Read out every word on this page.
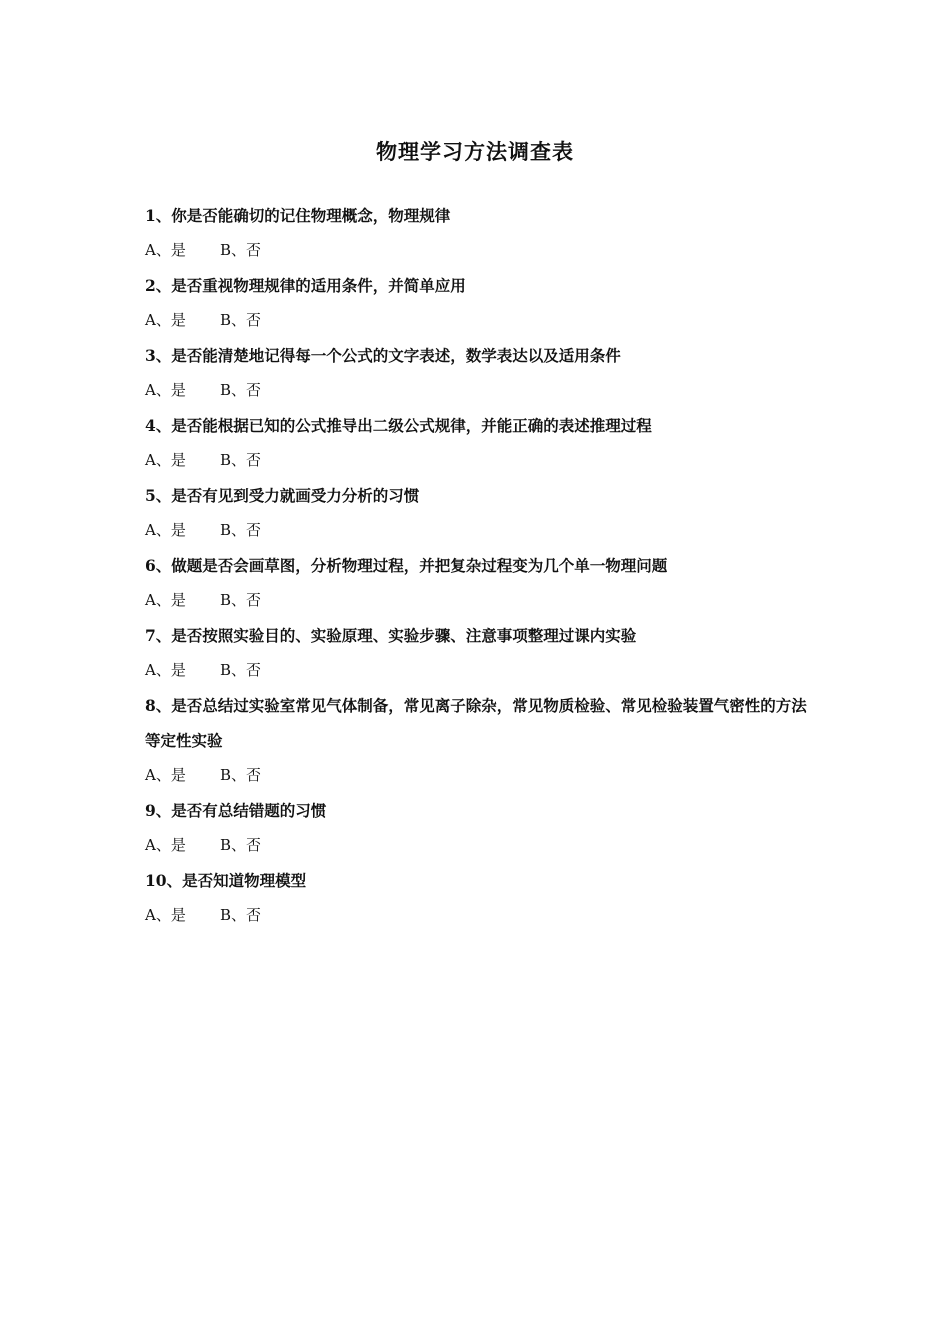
物理学习方法调查表

1、你是否能确切的记住物理概念，物理规律

A、是 B、否

2、是否重视物理规律的适用条件，并简单应用

A、是 B、否

3、是否能清楚地记得每一个公式的文字表述，数学表达以及适用条件

A、是 B、否

4、是否能根据已知的公式推导出二级公式规律，并能正确的表述推理过程

A、是 B、否

5、是否有见到受力就画受力分析的习惯

A、是 B、否

6、做题是否会画草图，分析物理过程，并把复杂过程变为几个单一物理问题

A、是 B、否

7、是否按照实验目的、实验原理、实验步骤、注意事项整理过课内实验

A、是 B、否

8、是否总结过实验室常见气体制备，常见离子除杂，常见物质检验、常见检验装置气密性的方法等定性实验

A、是 B、否

9、是否有总结错题的习惯

A、是 B、否

10、是否知道物理模型

A、是 B、否
